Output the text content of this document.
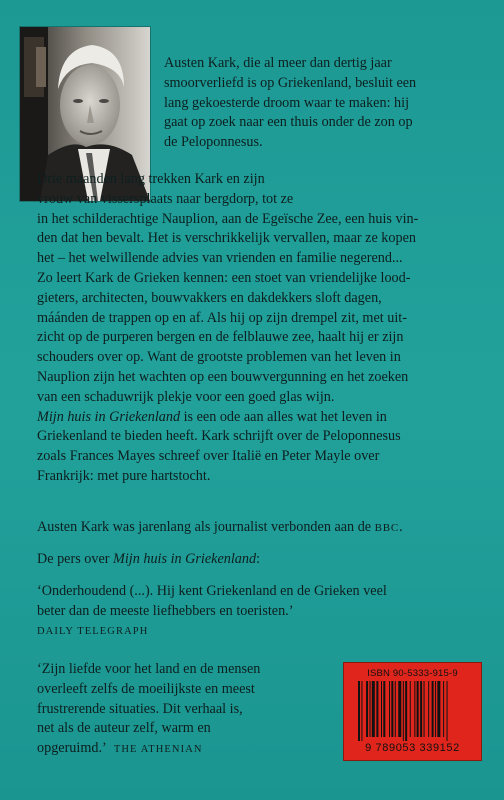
Austen Kark, die al meer dan dertig jaar

smoorverliefd is op Griekenland, besluit een

lang gekoesterde droom waar te maken: hij

gaat op zoek naar een thuis onder de zon op

de Peloponnesus.

Drie maanden lang trekken Kark en zijn

vrouw van vissersplaats naar bergdorp, tot ze

in het schilderachtige Nauplion, aan de Egeïsche Zee, een huis vin-

den dat hen bevalt. Het is verschrikkelijk vervallen, maar ze kopen

het – het welwillende advies van vrienden en familie negerend...

Zo leert Kark de Grieken kennen: een stoet van vriendelijke lood-

gieters, architecten, bouwvakkers en dakdekkers sloft dagen,

máánden de trappen op en af. Als hij op zijn drempel zit, met uit-

zicht op de purperen bergen en de felblauwe zee, haalt hij er zijn

schouders over op. Want de grootste problemen van het leven in

Nauplion zijn het wachten op een bouwvergunning en het zoeken

van een schaduwrijk plekje voor een goed glas wijn.

Mijn huis in Griekenland is een ode aan alles wat het leven in

Griekenland te bieden heeft. Kark schrijft over de Peloponnesus

zoals Frances Mayes schreef over Italië en Peter Mayle over

Frankrijk: met pure hartstocht.

Austen Kark was jarenlang als journalist verbonden aan de BBC.

De pers over Mijn huis in Griekenland:

‘Onderhoudend (...). Hij kent Griekenland en de Grieken veel

beter dan de meeste liefhebbers en toeristen.’

DAILY TELEGRAPH

‘Zijn liefde voor het land en de mensen

overleeft zelfs de moeilijkste en meest

frustrerende situaties. Dit verhaal is,

net als de auteur zelf, warm en

opgeruimd.’ THE ATHENIAN

ISBN 90-5333-915-9
9 789053 339152
